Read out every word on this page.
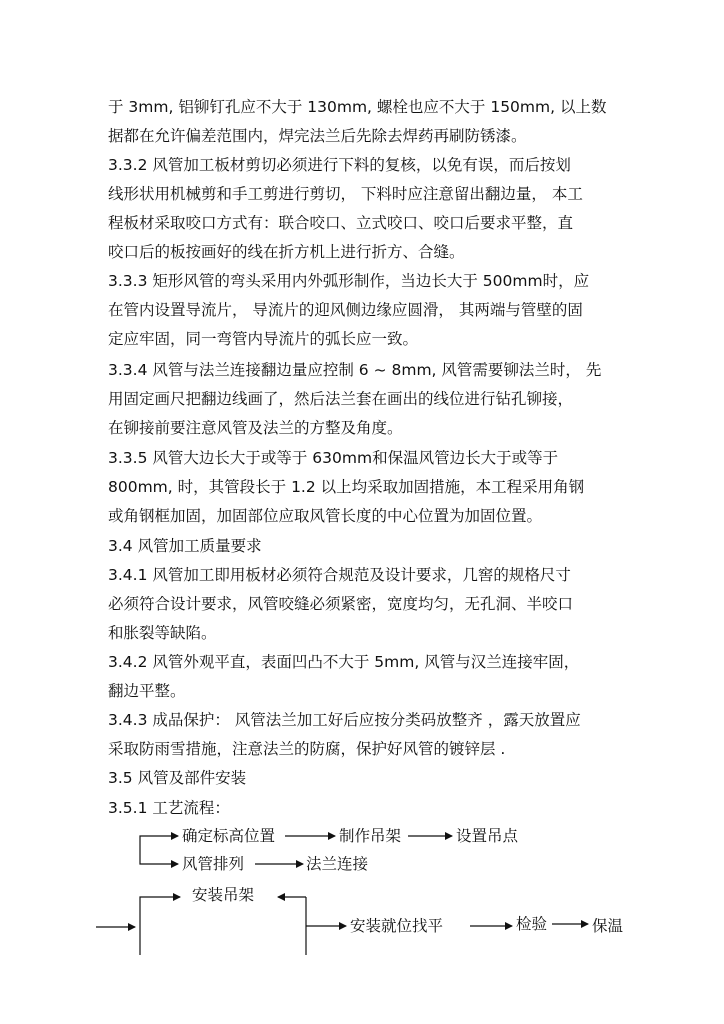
于 3mm, 铝铆钉孔应不大于 130mm, 螺栓也应不大于 150mm, 以上数
据都在允许偏差范围内，焊完法兰后先除去焊药再刷防锈漆。
3.3.2 风管加工板材剪切必须进行下料的复核，以免有误，而后按划
线形状用机械剪和手工剪进行剪切， 下料时应注意留出翻边量， 本工
程板材采取咬口方式有：联合咬口、立式咬口、咬口后要求平整，直
咬口后的板按画好的线在折方机上进行折方、合缝。
3.3.3 矩形风管的弯头采用内外弧形制作，当边长大于 500mm时，应
在管内设置导流片， 导流片的迎风侧边缘应圆滑， 其两端与管壁的固
定应牢固，同一弯管内导流片的弧长应一致。
3.3.4 风管与法兰连接翻边量应控制 6 ~ 8mm, 风管需要铆法兰时， 先
用固定画尺把翻边线画了，然后法兰套在画出的线位进行钻孔铆接，
在铆接前要注意风管及法兰的方整及角度。
3.3.5 风管大边长大于或等于 630mm和保温风管边长大于或等于
800mm, 时，其管段长于 1.2 以上均采取加固措施，本工程采用角钢
或角钢框加固，加固部位应取风管长度的中心位置为加固位置。
3.4 风管加工质量要求
3.4.1 风管加工即用板材必须符合规范及设计要求，几窖的规格尺寸
必须符合设计要求，风管咬缝必须紧密，宽度均匀，无孔洞、半咬口
和胀裂等缺陷。
3.4.2 风管外观平直，表面凹凸不大于 5mm, 风管与汉兰连接牢固，
翻边平整。
3.4.3 成品保护： 风管法兰加工好后应按分类码放整齐 ，露天放置应
采取防雨雪措施，注意法兰的防腐，保护好风管的镀锌层 .
3.5 风管及部件安装
3.5.1 工艺流程：
确定标高位置	制作吊架	设置吊点
风管排列	法兰连接
安装吊架
安装就位找平	检验	保温
